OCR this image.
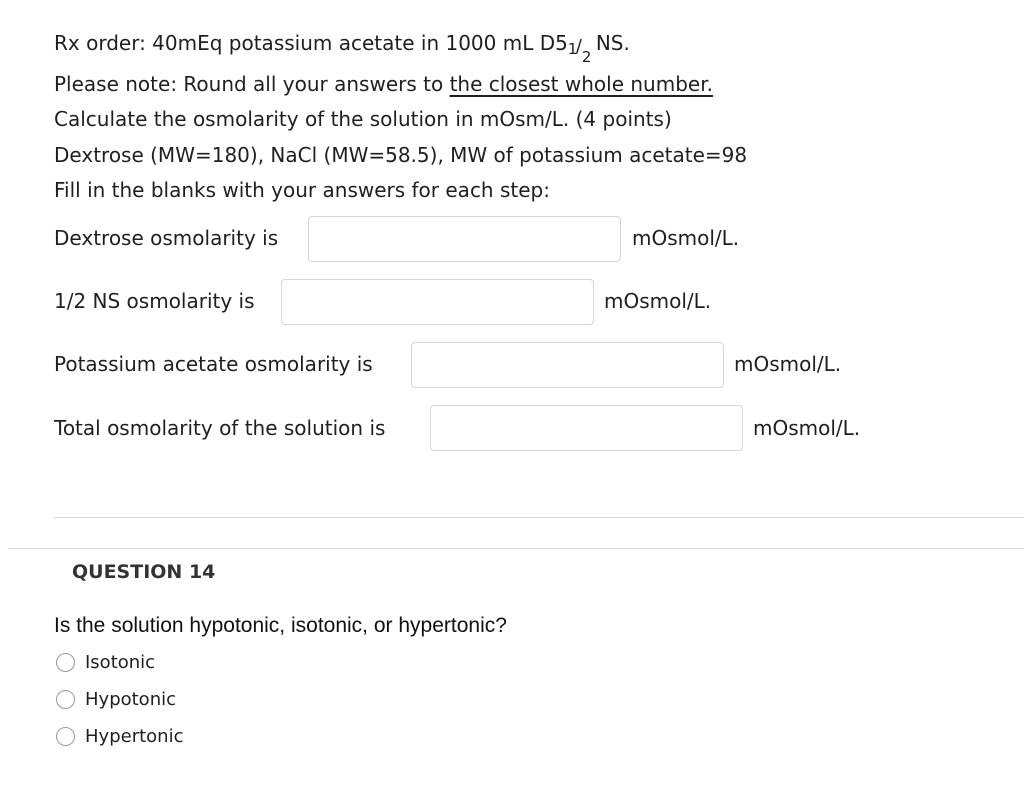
Rx order: 40mEq potassium acetate in 1000 mL D5 1
/ 2
NS.
Please note: Round all your answers to the closest whole number.
Calculate the osmolarity of the solution in mOsm/L. (4 points)
Dextrose (MW=180), NaCl (MW=58.5), MW of potassium acetate=98
Fill in the blanks with your answers for each step:
Dextrose osmolarity is	mOsmol/L.
1/2 NS osmolarity is	mOsmol/L.
Potassium acetate osmolarity is	mOsmol/L.
Total osmolarity of the solution is	mOsmol/L.
QUESTION 14
Is the solution hypotonic, isotonic, or hypertonic?
Isotonic
Hypotonic
Hypertonic
